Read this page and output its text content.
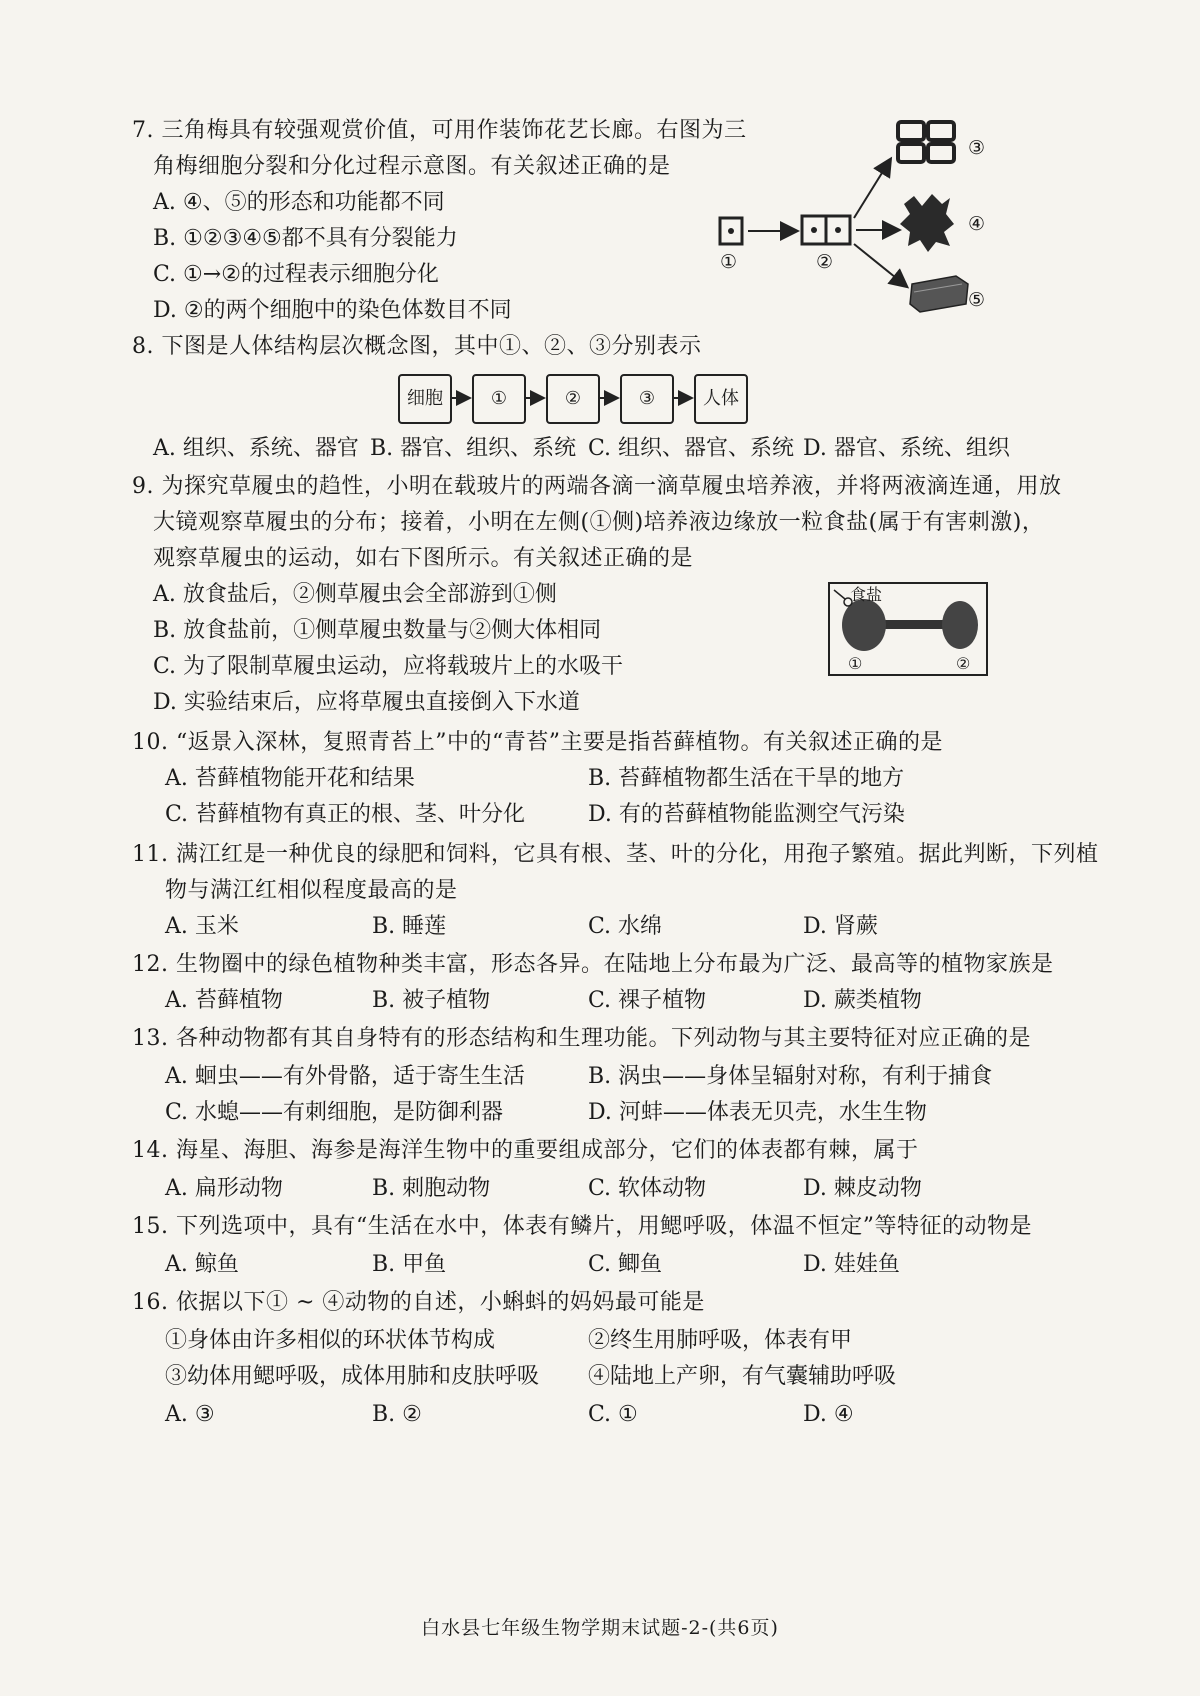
7. 三角梅具有较强观赏价值，可用作装饰花艺长廊。右图为三
角梅细胞分裂和分化过程示意图。有关叙述正确的是
A. ④、⑤的形态和功能都不同
B. ①②③④⑤都不具有分裂能力
C. ①→②的过程表示细胞分化
D. ②的两个细胞中的染色体数目不同
①	②
③
④
⑤
8. 下图是人体结构层次概念图，其中①、②、③分别表示
细胞	①	②	③	人体
A. 组织、系统、器官 B. 器官、组织、系统 C. 组织、器官、系统 D. 器官、系统、组织
9. 为探究草履虫的趋性，小明在载玻片的两端各滴一滴草履虫培养液，并将两液滴连通，用放
大镜观察草履虫的分布；接着，小明在左侧(①侧)培养液边缘放一粒食盐(属于有害刺激)，
观察草履虫的运动，如右下图所示。有关叙述正确的是
A. 放食盐后，②侧草履虫会全部游到①侧
B. 放食盐前，①侧草履虫数量与②侧大体相同
C. 为了限制草履虫运动，应将载玻片上的水吸干
D. 实验结束后，应将草履虫直接倒入下水道
食盐
①	②
10. “返景入深林，复照青苔上”中的“青苔”主要是指苔藓植物。有关叙述正确的是
A. 苔藓植物能开花和结果	B. 苔藓植物都生活在干旱的地方
C. 苔藓植物有真正的根、茎、叶分化	D. 有的苔藓植物能监测空气污染
11. 满江红是一种优良的绿肥和饲料，它具有根、茎、叶的分化，用孢子繁殖。据此判断，下列植
物与满江红相似程度最高的是
A. 玉米	B. 睡莲	C. 水绵	D. 肾蕨
12. 生物圈中的绿色植物种类丰富，形态各异。在陆地上分布最为广泛、最高等的植物家族是
A. 苔藓植物	B. 被子植物	C. 裸子植物	D. 蕨类植物
13. 各种动物都有其自身特有的形态结构和生理功能。下列动物与其主要特征对应正确的是
A. 蛔虫——有外骨骼，适于寄生生活	B. 涡虫——身体呈辐射对称，有利于捕食
C. 水螅——有刺细胞，是防御利器	D. 河蚌——体表无贝壳，水生生物
14. 海星、海胆、海参是海洋生物中的重要组成部分，它们的体表都有棘，属于
A. 扁形动物	B. 刺胞动物	C. 软体动物	D. 棘皮动物
15. 下列选项中，具有“生活在水中，体表有鳞片，用鳃呼吸，体温不恒定”等特征的动物是
A. 鲸鱼	B. 甲鱼	C. 鲫鱼	D. 娃娃鱼
16. 依据以下① ~ ④动物的自述，小蝌蚪的妈妈最可能是
①身体由许多相似的环状体节构成	②终生用肺呼吸，体表有甲
③幼体用鳃呼吸，成体用肺和皮肤呼吸 ④陆地上产卵，有气囊辅助呼吸
A. ③	B. ②	C. ①	D. ④
白水县七年级生物学期末试题-2-(共6页)
